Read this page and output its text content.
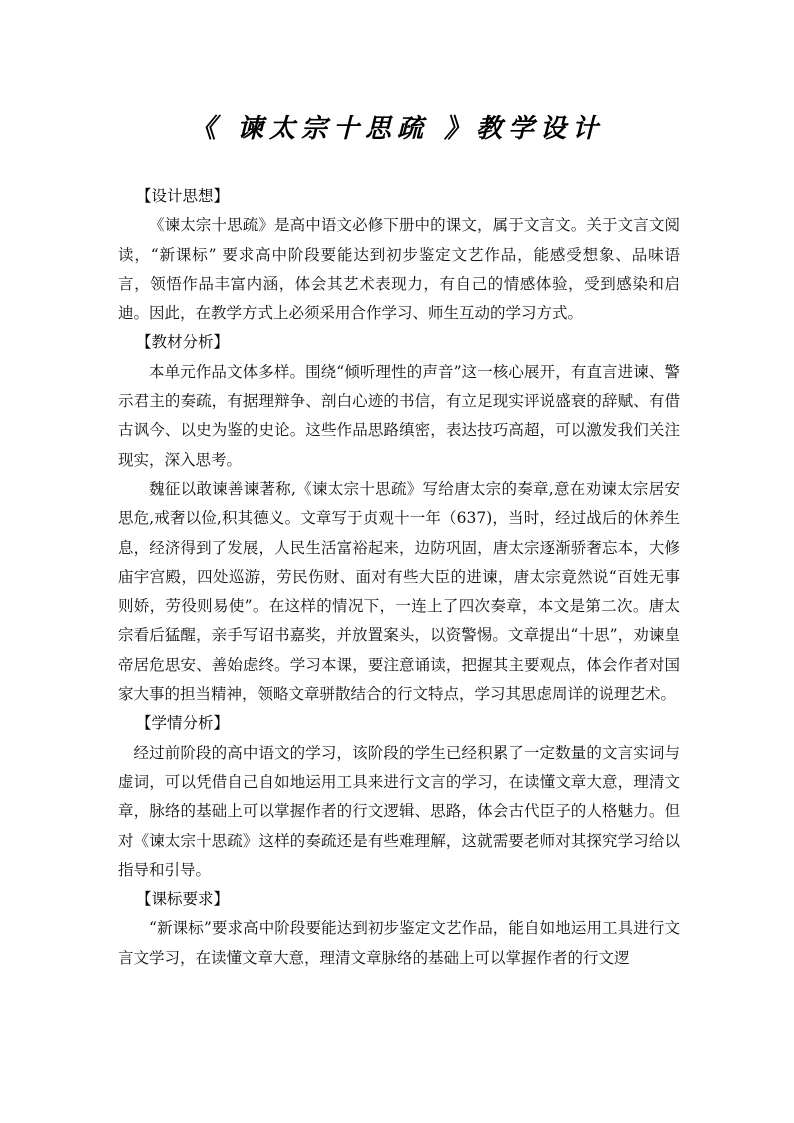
《 谏太宗十思疏 》教学设计
【设计思想】

《谏太宗十思疏》是高中语文必修下册中的课文，属于文言文。关于文言文阅读，“新课标” 要求高中阶段要能达到初步鉴定文艺作品，能感受想象、品味语言，领悟作品丰富内涵，体会其艺术表现力，有自己的情感体验，受到感染和启迪。因此，在教学方式上必须采用合作学习、师生互动的学习方式。

【教材分析】

本单元作品文体多样。围绕“倾听理性的声音”这一核心展开，有直言进谏、警示君主的奏疏，有据理辩争、剖白心迹的书信，有立足现实评说盛衰的辞赋、有借古讽今、以史为鉴的史论。这些作品思路缜密，表达技巧高超，可以激发我们关注现实，深入思考。

魏征以敢谏善谏著称,《谏太宗十思疏》写给唐太宗的奏章,意在劝谏太宗居安思危,戒奢以俭,积其德义。文章写于贞观十一年（637)，当时，经过战后的休养生息，经济得到了发展，人民生活富裕起来，边防巩固，唐太宗逐渐骄奢忘本，大修庙宇宫殿，四处巡游，劳民伤财、面对有些大臣的进谏，唐太宗竟然说“百姓无事则娇，劳役则易使”。在这样的情况下，一连上了四次奏章，本文是第二次。唐太宗看后猛醒，亲手写诏书嘉奖，并放置案头，以资警惕。文章提出“十思”，劝谏皇帝居危思安、善始虑终。学习本课，要注意诵读，把握其主要观点，体会作者对国家大事的担当精神，领略文章骈散结合的行文特点，学习其思虑周详的说理艺术。

【学情分析】

经过前阶段的高中语文的学习，该阶段的学生已经积累了一定数量的文言实词与虚词，可以凭借自己自如地运用工具来进行文言的学习，在读懂文章大意，理清文章，脉络的基础上可以掌握作者的行文逻辑、思路，体会古代臣子的人格魅力。但对《谏太宗十思疏》这样的奏疏还是有些难理解，这就需要老师对其探究学习给以指导和引导。

【课标要求】

“新课标”要求高中阶段要能达到初步鉴定文艺作品，能自如地运用工具进行文言文学习，在读懂文章大意，理清文章脉络的基础上可以掌握作者的行文逻
